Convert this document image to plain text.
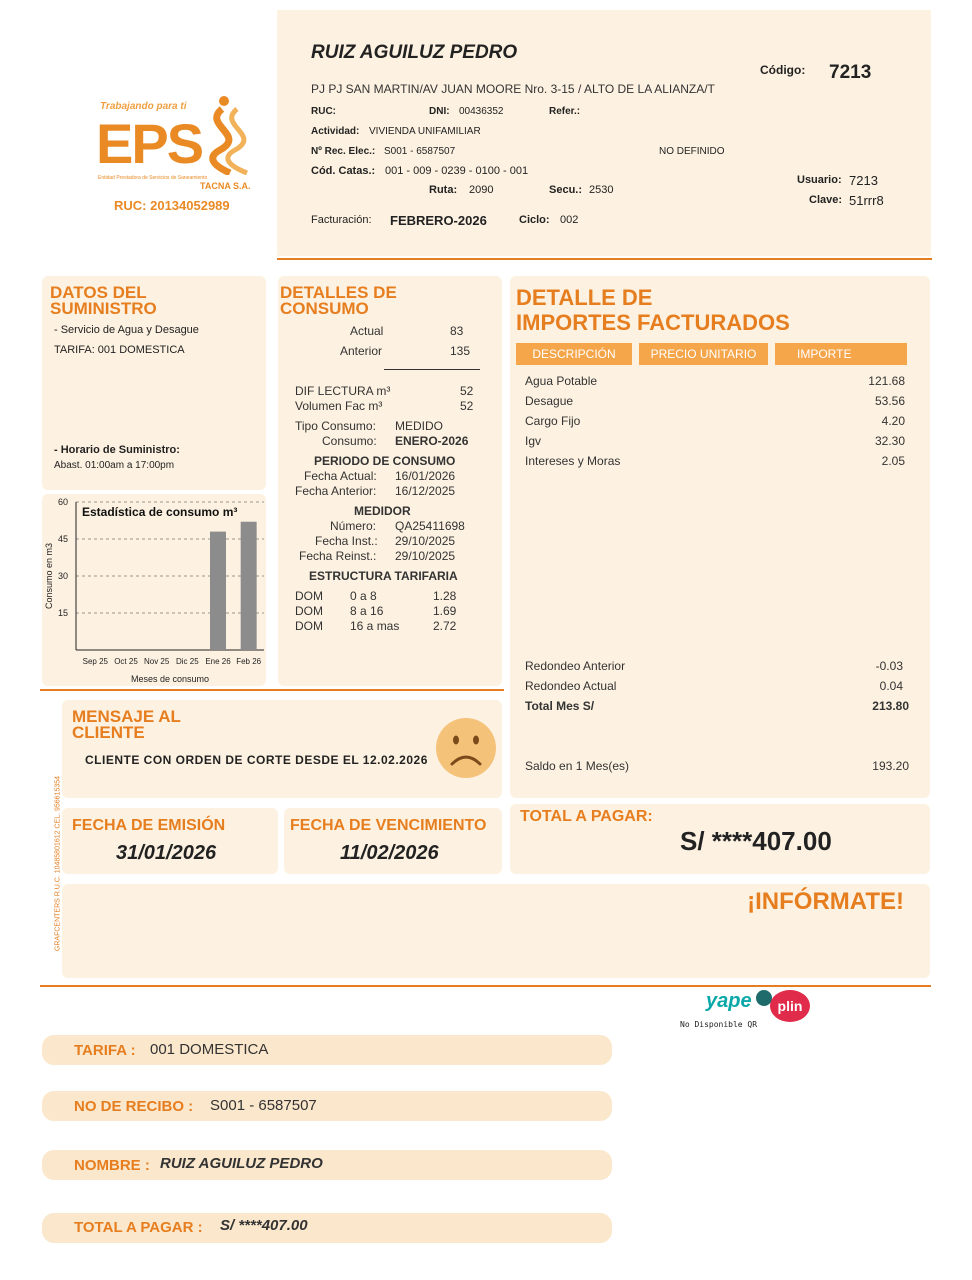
Trabajando para ti
EPS
Entidad Prestadora de Servicios de Saneamiento
TACNA S.A.
RUC: 20134052989
RUIZ AGUILUZ PEDRO
Código: 7213
PJ PJ SAN MARTIN/AV JUAN MOORE Nro. 3-15 / ALTO DE LA ALIANZA/T
RUC:	DNI: 00436352	Refer.:
Actividad: VIVIENDA UNIFAMILIAR
Nº Rec. Elec.: S001 - 6587507	NO DEFINIDO
Cód. Catas.: 001 - 009 - 0239 - 0100 - 001
Ruta: 2090	Secu.: 2530
Usuario: 7213
Clave: 51rrr8
Facturación: FEBRERO-2026	Ciclo: 002
DATOS DEL
SUMINISTRO
- Servicio de Agua y Desague
TARIFA: 001 DOMESTICA
- Horario de Suministro:
Abast. 01:00am a 17:00pm
15
30
45
60
Sep 25 Oct 25 Nov 25 Dic 25 Ene 26 Feb 26
Estadística de consumo m³
Meses de consumo
Consumo en m3
DETALLES DE
CONSUMO
Actual	83
Anterior	135
DIF LECTURA m³	52
Volumen Fac m³	52
Tipo Consumo: MEDIDO
Consumo: ENERO-2026
PERIODO DE CONSUMO
Fecha Actual: 16/01/2026
Fecha Anterior: 16/12/2025
MEDIDOR
Número: QA25411698
Fecha Inst.: 29/10/2025
Fecha Reinst.: 29/10/2025
ESTRUCTURA TARIFARIA
DOM 0 a 8	1.28
DOM 8 a 16	1.69
DOM 16 a mas	2.72
DETALLE DE
IMPORTES FACTURADOS
DESCRIPCIÓN	PRECIO UNITARIO	IMPORTE
Agua Potable	121.68
Desague	53.56
Cargo Fijo	4.20
Igv	32.30
Intereses y Moras	2.05
Redondeo Anterior	-0.03
Redondeo Actual	0.04
Total Mes S/	213.80
Saldo en 1 Mes(es)	193.20
MENSAJE AL
CLIENTE
CLIENTE CON ORDEN DE CORTE DESDE EL 12.02.2026
GRAFCENTERS R.U.C. 10485801612 CEL. 956615354 FECHA DE EMISIÓN
31/01/2026
FECHA DE VENCIMIENTO
11/02/2026
TOTAL A PAGAR:
S/ ****407.00
¡INFÓRMATE!
yape	plin
No Disponible QR
TARIFA : 001 DOMESTICA
NO DE RECIBO : S001 - 6587507
NOMBRE : RUIZ AGUILUZ PEDRO
TOTAL A PAGAR : S/ ****407.00
